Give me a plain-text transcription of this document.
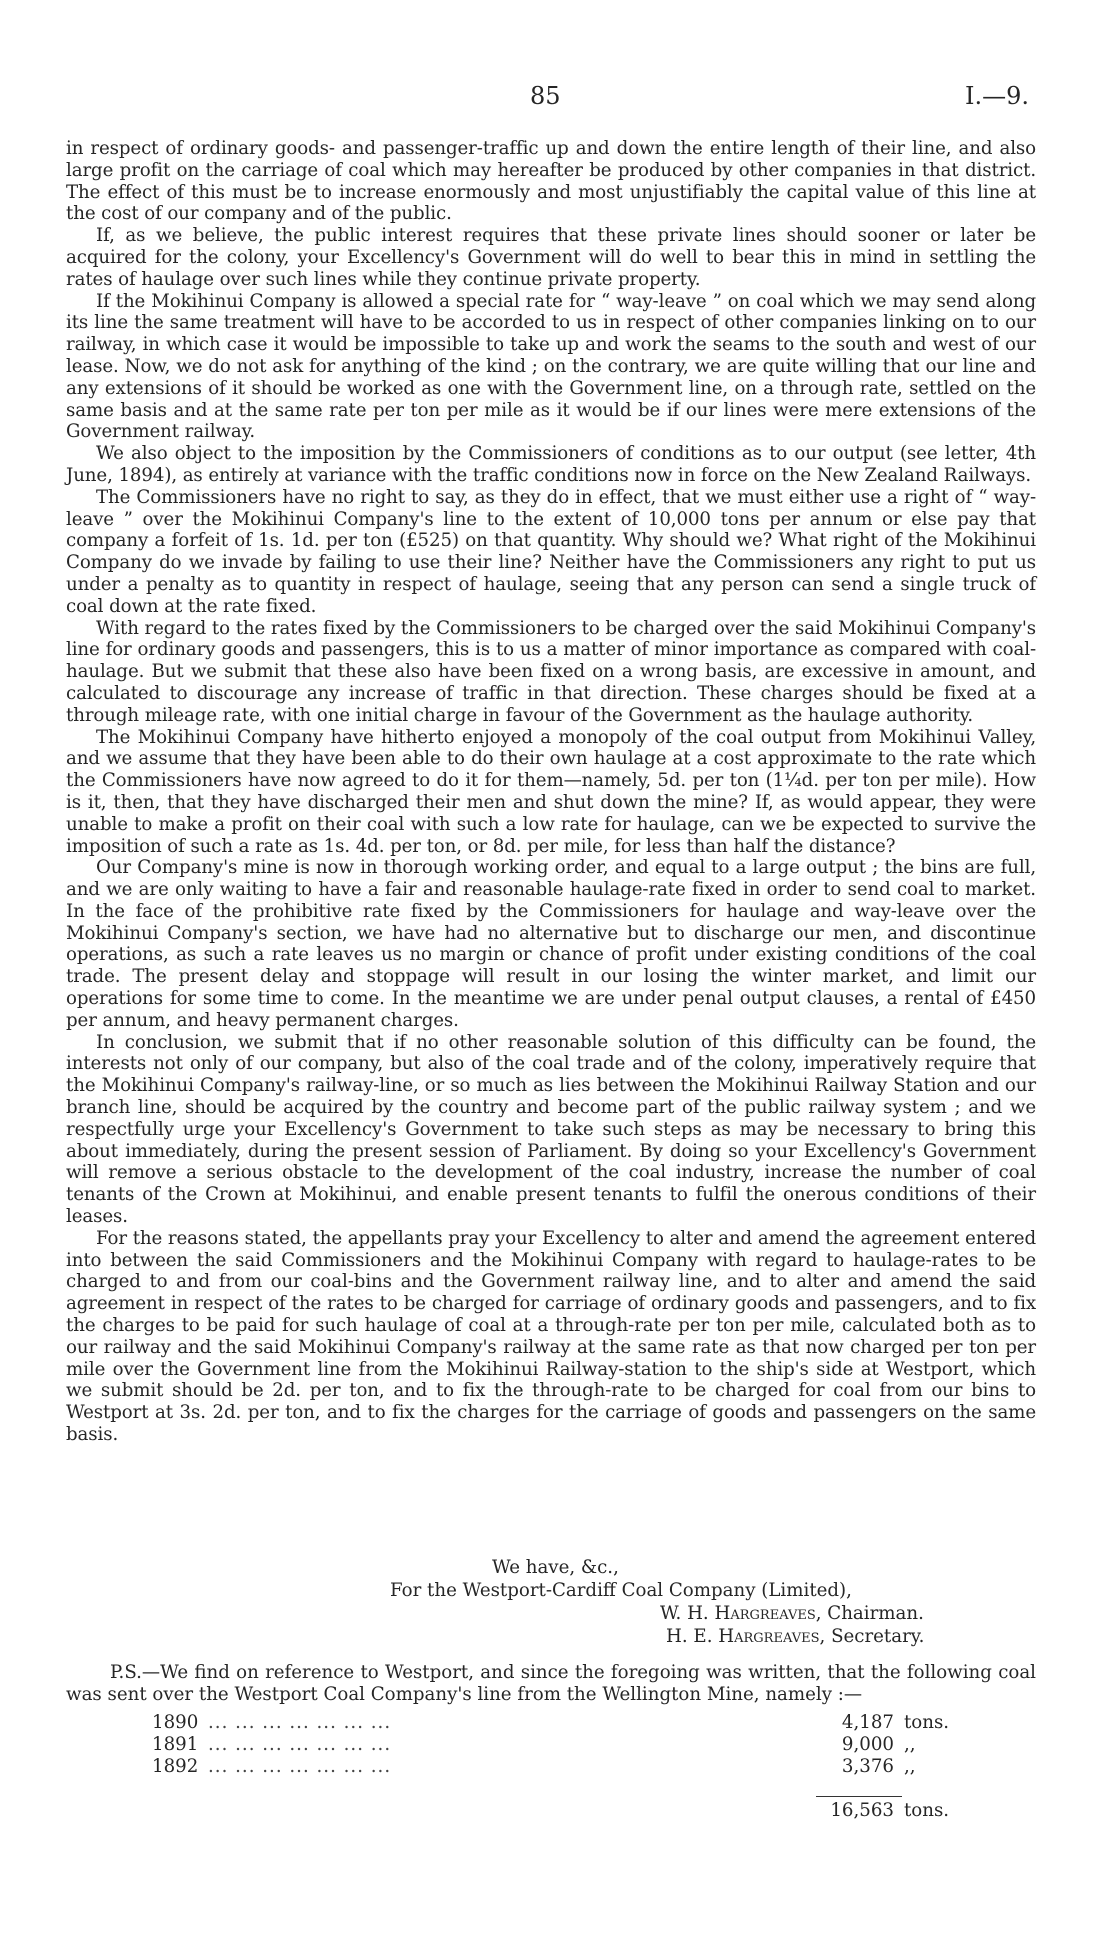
85	I.—9.

in respect of ordinary goods- and passenger-traffic up and down the entire length of their line, and also large profit on the carriage of coal which may hereafter be produced by other companies in that district. The effect of this must be to increase enormously and most unjustifiably the capital value of this line at the cost of our company and of the public.

If, as we believe, the public interest requires that these private lines should sooner or later be acquired for the colony, your Excellency's Government will do well to bear this in mind in settling the rates of haulage over such lines while they continue private property.

If the Mokihinui Company is allowed a special rate for “ way-leave ” on coal which we may send along its line the same treatment will have to be accorded to us in respect of other companies linking on to our railway, in which case it would be impossible to take up and work the seams to the south and west of our lease. Now, we do not ask for anything of the kind ; on the contrary, we are quite willing that our line and any extensions of it should be worked as one with the Government line, on a through rate, settled on the same basis and at the same rate per ton per mile as it would be if our lines were mere extensions of the Government railway.

We also object to the imposition by the Commissioners of conditions as to our output (see letter, 4th June, 1894), as entirely at variance with the traffic conditions now in force on the New Zealand Railways.

The Commissioners have no right to say, as they do in effect, that we must either use a right of “ way-leave ” over the Mokihinui Company's line to the extent of 10,000 tons per annum or else pay that company a forfeit of 1s. 1d. per ton (£525) on that quantity. Why should we? What right of the Mokihinui Company do we invade by failing to use their line? Neither have the Commissioners any right to put us under a penalty as to quantity in respect of haulage, seeing that any person can send a single truck of coal down at the rate fixed.

With regard to the rates fixed by the Commissioners to be charged over the said Mokihinui Company's line for ordinary goods and passengers, this is to us a matter of minor importance as compared with coal-haulage. But we submit that these also have been fixed on a wrong basis, are excessive in amount, and calculated to discourage any increase of traffic in that direction. These charges should be fixed at a through mileage rate, with one initial charge in favour of the Government as the haulage authority.

The Mokihinui Company have hitherto enjoyed a monopoly of the coal output from Mokihinui Valley, and we assume that they have been able to do their own haulage at a cost approximate to the rate which the Commissioners have now agreed to do it for them—namely, 5d. per ton (1¼d. per ton per mile). How is it, then, that they have discharged their men and shut down the mine? If, as would appear, they were unable to make a profit on their coal with such a low rate for haulage, can we be expected to survive the imposition of such a rate as 1s. 4d. per ton, or 8d. per mile, for less than half the distance?

Our Company's mine is now in thorough working order, and equal to a large output ; the bins are full, and we are only waiting to have a fair and reasonable haulage-rate fixed in order to send coal to market. In the face of the prohibitive rate fixed by the Commissioners for haulage and way-leave over the Mokihinui Company's section, we have had no alternative but to discharge our men, and discontinue operations, as such a rate leaves us no margin or chance of profit under existing conditions of the coal trade. The present delay and stoppage will result in our losing the winter market, and limit our operations for some time to come. In the meantime we are under penal output clauses, a rental of £450 per annum, and heavy permanent charges.

In conclusion, we submit that if no other reasonable solution of this difficulty can be found, the interests not only of our company, but also of the coal trade and of the colony, imperatively require that the Mokihinui Company's railway-line, or so much as lies between the Mokihinui Railway Station and our branch line, should be acquired by the country and become part of the public railway system ; and we respectfully urge your Excellency's Government to take such steps as may be necessary to bring this about immediately, during the present session of Parliament. By doing so your Excellency's Government will remove a serious obstacle to the development of the coal industry, increase the number of coal tenants of the Crown at Mokihinui, and enable present tenants to fulfil the onerous conditions of their leases.

For the reasons stated, the appellants pray your Excellency to alter and amend the agreement entered into between the said Commissioners and the Mokihinui Company with regard to haulage-rates to be charged to and from our coal-bins and the Government railway line, and to alter and amend the said agreement in respect of the rates to be charged for carriage of ordinary goods and passengers, and to fix the charges to be paid for such haulage of coal at a through-rate per ton per mile, calculated both as to our railway and the said Mokihinui Company's railway at the same rate as that now charged per ton per mile over the Government line from the Mokihinui Railway-station to the ship's side at Westport, which we submit should be 2d. per ton, and to fix the through-rate to be charged for coal from our bins to Westport at 3s. 2d. per ton, and to fix the charges for the carriage of goods and passengers on the same basis.

We have, &c.,
For the Westport-Cardiff Coal Company (Limited),
W. H. Hargreaves, Chairman.
H. E. Hargreaves, Secretary.

P.S.—We find on reference to Westport, and since the foregoing was written, that the following coal was sent over the Westport Coal Company's line from the Wellington Mine, namely :—

1890 ... ... ... ... ... ... ...	4,187 tons.
1891 ... ... ... ... ... ... ...	9,000 ,,
1892 ... ... ... ... ... ... ...	3,376 ,,
16,563 tons.
